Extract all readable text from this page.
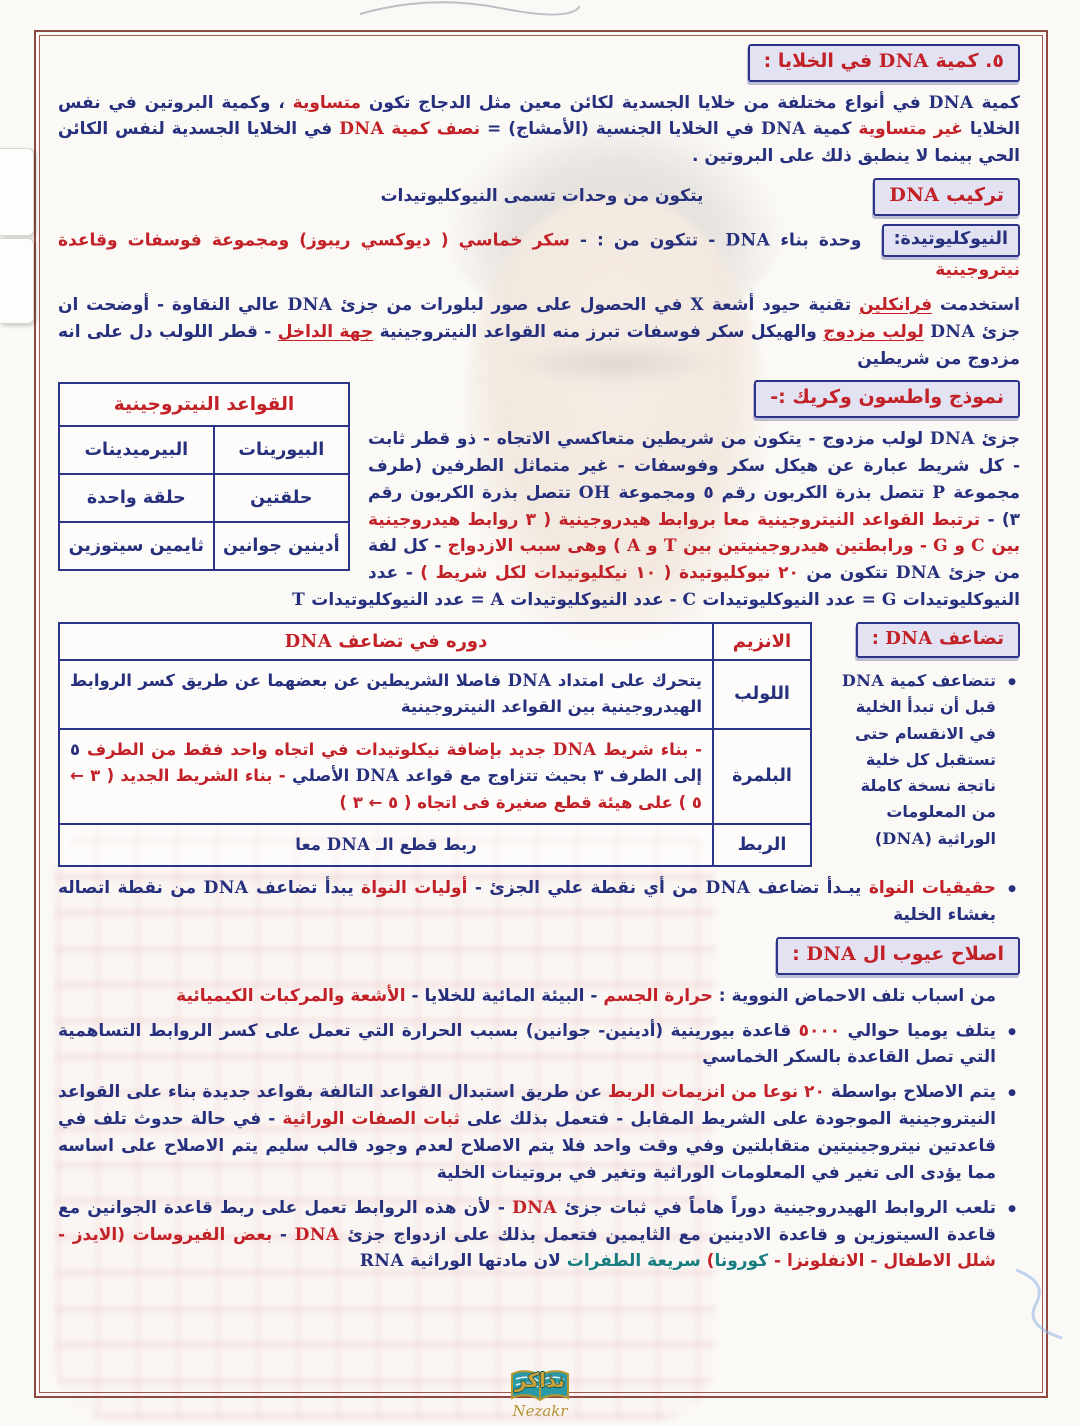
٥. كمية DNA في الخلايا :

كمية DNA في أنواع مختلفة من خلايا الجسدية لكائن معين مثل الدجاج تكون متساوية ، وكمية البروتين في نفس الخلايا غير متساوية كمية DNA في الخلايا الجنسية (الأمشاج) = نصف كمية DNA في الخلايا الجسدية لنفس الكائن الحي بينما لا ينطبق ذلك على البروتين .

تركيب DNA
يتكون من وحدات تسمى النيوكليوتيدات

النيوكليوتيدة: وحدة بناء DNA - تتكون من : - سكر خماسي ( ديوكسي ريبوز) ومجموعة فوسفات وقاعدة نيتروجينية

استخدمت فرانكلين تقنية حيود أشعة X في الحصول على صور لبلورات من جزئ DNA عالي النقاوة - أوضحت ان جزئ DNA لولب مزدوج والهيكل سكر فوسفات تبرز منه القواعد النيتروجينية جهة الداخل - قطر اللولب دل على انه مزدوج من شريطين

القواعد النيتروجينية	
البيورينات	البيرميدينات
حلقتين	حلقة واحدة
أدينين جوانين	ثايمين سيتوزين
نموذج واطسون وكريك :-

جزئ DNA لولب مزدوج - يتكون من شريطين متعاكسي الاتجاه - ذو قطر ثابت - كل شريط عبارة عن هيكل سكر وفوسفات - غير متماثل الطرفين (طرف مجموعة P تتصل بذرة الكربون رقم ٥ ومجموعة OH تتصل بذرة الكربون رقم ٣) - ترتبط القواعد النيتروجينية معا بروابط هيدروجينية ( ٣ روابط هيدروجينية بين C و G - ورابطتين هيدروجينيتين بين T و A ) وهى سبب الازدواج - كل لفة من جزئ DNA تتكون من ٢٠ نيوكليوتيدة ( ١٠ نيكليوتيدات لكل شريط ) - عدد النيوكليوتيدات G = عدد النيوكليوتيدات C - عدد النيوكليوتيدات A = عدد النيوكليوتيدات T

تضاعف DNA :

● تتضاعف كمية DNA قبل أن تبدأ الخلية في الانقسام حتى تستقبل كل خلية ناتجة نسخة كاملة من المعلومات الوراثية (DNA)

الانزيم	دوره في تضاعف DNA
اللولب	يتحرك على امتداد DNA فاصلا الشريطين عن بعضهما عن طريق كسر الروابط الهيدروجينية بين القواعد النيتروجينية
البلمرة	- بناء شريط DNA جديد بإضافة نيكلوتيدات في اتجاه واحد فقط من الطرف ٥ إلى الطرف ٣ بحيث تتزاوج مع قواعد DNA الأصلي - بناء الشريط الجديد ( ٣ ← ٥ ) على هيئة قطع صغيرة فى اتجاه ( ٥ ← ٣ )
الربط	ربط قطع الـ DNA معا

● حقيقيات النواة يبـدأ تضاعف DNA من أي نقطة علي الجزئ - أوليات النواة يبدأ تضاعف DNA من نقطة اتصاله بغشاء الخلية

اصلاح عيوب ال DNA :

من اسباب تلف الاحماض النووية : حرارة الجسم - البيئة المائية للخلايا - الأشعة والمركبات الكيميائية

● يتلف يوميا حوالي ٥٠٠٠ قاعدة بيورينية (أدينين- جوانين) بسبب الحرارة التي تعمل على كسر الروابط التساهمية التي تصل القاعدة بالسكر الخماسي

● يتم الاصلاح بواسطة ٢٠ نوعا من انزيمات الربط عن طريق استبدال القواعد التالفة بقواعد جديدة بناء على القواعد النيتروجينية الموجودة على الشريط المقابل - فتعمل بذلك على ثبات الصفات الوراثية - في حالة حدوث تلف في قاعدتين نيتروجينيتين متقابلتين وفي وقت واحد فلا يتم الاصلاح لعدم وجود قالب سليم يتم الاصلاح على اساسه مما يؤدى الى تغير في المعلومات الوراثية وتغير في بروتينات الخلية

● تلعب الروابط الهيدروجينية دوراً هاماً في ثبات جزئ DNA - لأن هذه الروابط تعمل على ربط قاعدة الجوانين مع قاعدة السيتوزين و قاعدة الادينين مع الثايمين فتعمل بذلك على ازدواج جزئ DNA - بعض الفيروسات (الايدز - شلل الاطفال - الانفلونزا - كورونا) سريعة الطفرات لان مادتها الوراثية RNA

نذاكر
Nezakr
